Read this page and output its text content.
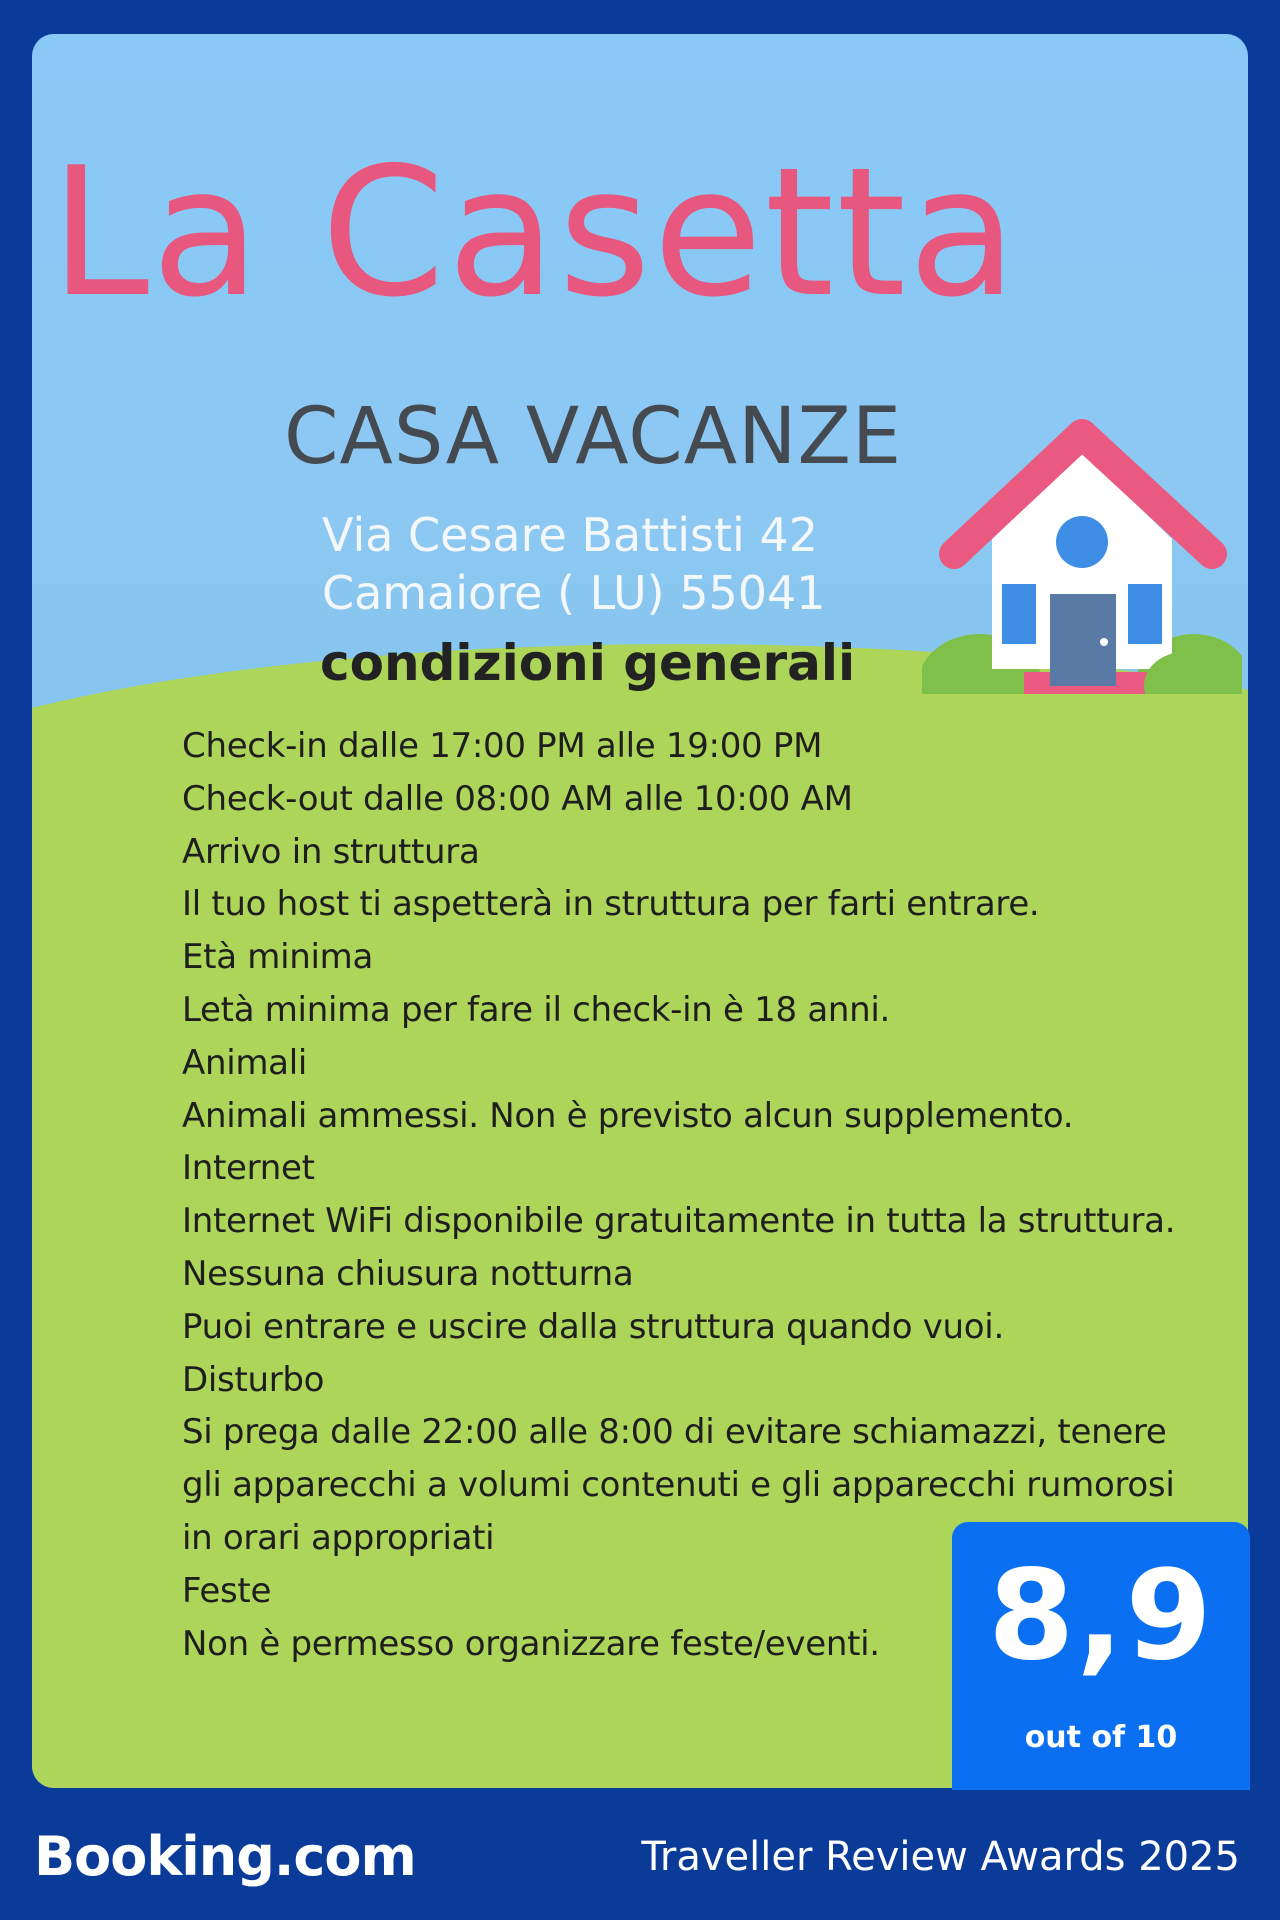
La Casetta
CASA VACANZE
Via Cesare Battisti 42
Camaiore ( LU) 55041
condizioni generali
Check-in dalle 17:00 PM alle 19:00 PM
Check-out dalle 08:00 AM alle 10:00 AM
Arrivo in struttura
Il tuo host ti aspetterà in struttura per farti entrare.
Età minima
Letà minima per fare il check-in è 18 anni.
Animali
Animali ammessi. Non è previsto alcun supplemento.
Internet
Internet WiFi disponibile gratuitamente in tutta la struttura.
Nessuna chiusura notturna
Puoi entrare e uscire dalla struttura quando vuoi.
Disturbo
Si prega dalle 22:00 alle 8:00 di evitare schiamazzi, tenere
gli apparecchi a volumi contenuti e gli apparecchi rumorosi
in orari appropriati
Feste
Non è permesso organizzare feste/eventi. 8,9
out of 10
Booking.com	Traveller Review Awards 2025
